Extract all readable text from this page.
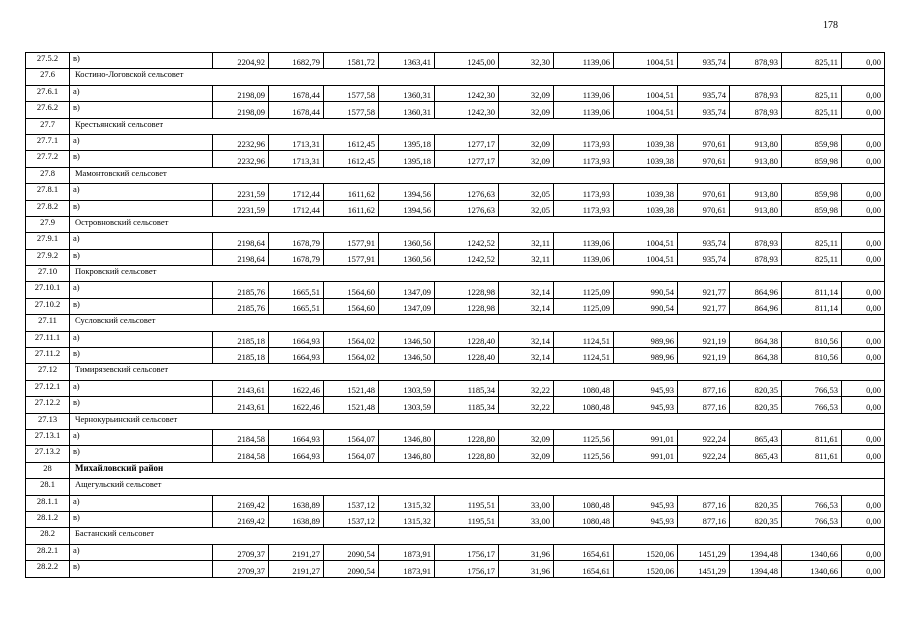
178
27.5.2	в)	2204,92	1682,79	1581,72	1363,41	1245,00	32,30	1139,06	1004,51	935,74	878,93	825,11	0,00
27.6	Костино-Логовской сельсовет												
27.6.1	а)	2198,09	1678,44	1577,58	1360,31	1242,30	32,09	1139,06	1004,51	935,74	878,93	825,11	0,00
27.6.2	в)	2198,09	1678,44	1577,58	1360,31	1242,30	32,09	1139,06	1004,51	935,74	878,93	825,11	0,00
27.7	Крестьянский сельсовет												
27.7.1	а)	2232,96	1713,31	1612,45	1395,18	1277,17	32,09	1173,93	1039,38	970,61	913,80	859,98	0,00
27.7.2	в)	2232,96	1713,31	1612,45	1395,18	1277,17	32,09	1173,93	1039,38	970,61	913,80	859,98	0,00
27.8	Мамонтовский сельсовет												
27.8.1	а)	2231,59	1712,44	1611,62	1394,56	1276,63	32,05	1173,93	1039,38	970,61	913,80	859,98	0,00
27.8.2	в)	2231,59	1712,44	1611,62	1394,56	1276,63	32,05	1173,93	1039,38	970,61	913,80	859,98	0,00
27.9	Островновский сельсовет												
27.9.1	а)	2198,64	1678,79	1577,91	1360,56	1242,52	32,11	1139,06	1004,51	935,74	878,93	825,11	0,00
27.9.2	в)	2198,64	1678,79	1577,91	1360,56	1242,52	32,11	1139,06	1004,51	935,74	878,93	825,11	0,00
27.10	Покровский сельсовет												
27.10.1	а)	2185,76	1665,51	1564,60	1347,09	1228,98	32,14	1125,09	990,54	921,77	864,96	811,14	0,00
27.10.2	в)	2185,76	1665,51	1564,60	1347,09	1228,98	32,14	1125,09	990,54	921,77	864,96	811,14	0,00
27.11	Сусловский сельсовет												
27.11.1	а)	2185,18	1664,93	1564,02	1346,50	1228,40	32,14	1124,51	989,96	921,19	864,38	810,56	0,00
27.11.2	в)	2185,18	1664,93	1564,02	1346,50	1228,40	32,14	1124,51	989,96	921,19	864,38	810,56	0,00
27.12	Тимирязевский сельсовет												
27.12.1	а)	2143,61	1622,46	1521,48	1303,59	1185,34	32,22	1080,48	945,93	877,16	820,35	766,53	0,00
27.12.2	в)	2143,61	1622,46	1521,48	1303,59	1185,34	32,22	1080,48	945,93	877,16	820,35	766,53	0,00
27.13	Чернокурьинский сельсовет												
27.13.1	а)	2184,58	1664,93	1564,07	1346,80	1228,80	32,09	1125,56	991,01	922,24	865,43	811,61	0,00
27.13.2	в)	2184,58	1664,93	1564,07	1346,80	1228,80	32,09	1125,56	991,01	922,24	865,43	811,61	0,00
28	Михайловский район												
28.1	Ащегульский сельсовет												
28.1.1	а)	2169,42	1638,89	1537,12	1315,32	1195,51	33,00	1080,48	945,93	877,16	820,35	766,53	0,00
28.1.2	в)	2169,42	1638,89	1537,12	1315,32	1195,51	33,00	1080,48	945,93	877,16	820,35	766,53	0,00
28.2	Бастанский сельсовет												
28.2.1	а)	2709,37	2191,27	2090,54	1873,91	1756,17	31,96	1654,61	1520,06	1451,29	1394,48	1340,66	0,00
28.2.2	в)	2709,37	2191,27	2090,54	1873,91	1756,17	31,96	1654,61	1520,06	1451,29	1394,48	1340,66	0,00
